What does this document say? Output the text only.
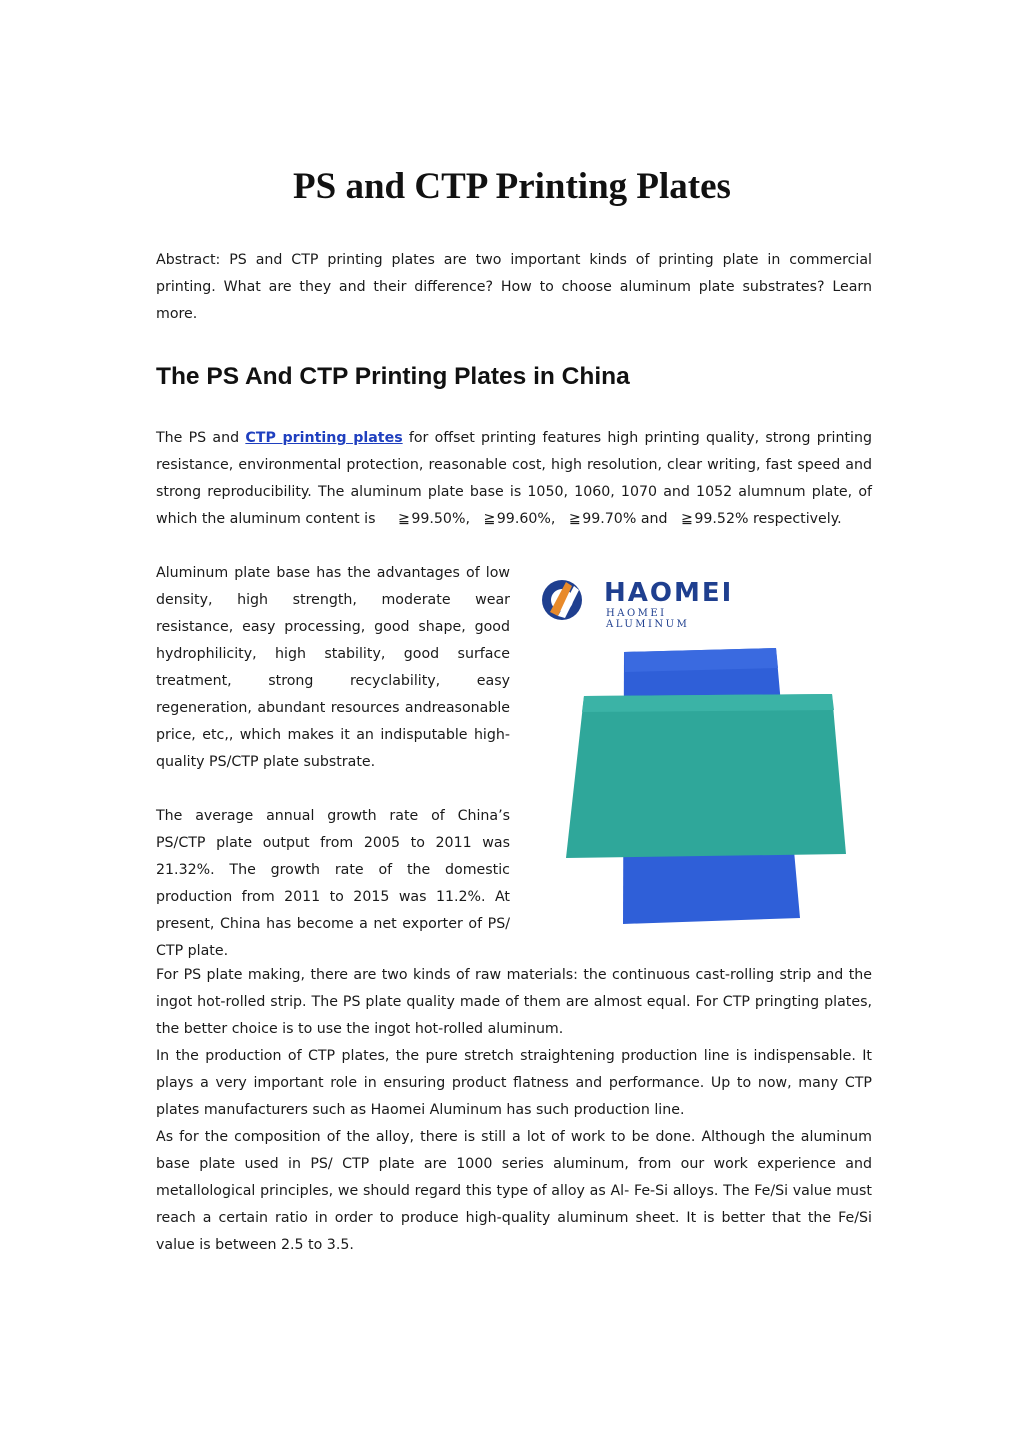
PS and CTP Printing Plates

Abstract: PS and CTP printing plates are two important kinds of printing plate in commercial printing. What are they and their difference? How to choose aluminum plate substrates? Learn more.

The PS And CTP Printing Plates in China

The PS and CTP printing plates for offset printing features high printing quality, strong printing resistance, environmental protection, reasonable cost, high resolution, clear writing, fast speed and strong reproducibility. The aluminum plate base is 1050, 1060, 1070 and 1052 alumnum plate, of which the aluminum content is     ≧ 99.50%,   ≧ 99.60%,   ≧ 99.70% and   ≧ 99.52% respectively.

Aluminum plate base has the advantages of low density, high strength, moderate wear resistance, easy processing, good shape, good hydrophilicity, high stability, good surface treatment, strong recyclability, easy regeneration, abundant resources andreasonable price, etc,, which makes it an indisputable high-quality PS/CTP plate substrate.

The average annual growth rate of China’s PS/CTP plate output from 2005 to 2011 was 21.32%. The growth rate of the domestic production from 2011 to 2015 was 11.2%. At present, China has become a net exporter of PS/ CTP plate.

HAOMEI
HAOMEI ALUMINUM

For PS plate making, there are two kinds of raw materials: the continuous cast-rolling strip and the ingot hot-rolled strip. The PS plate quality made of them are almost equal. For CTP pringting plates, the better choice is to use the ingot hot-rolled aluminum.

In the production of CTP plates, the pure stretch straightening production line is indispensable. It plays a very important role in ensuring product flatness and performance. Up to now, many CTP plates manufacturers such as Haomei Aluminum has such production line.

As for the composition of the alloy, there is still a lot of work to be done. Although the aluminum base plate used in PS/ CTP plate are 1000 series aluminum, from our work experience and metallological principles, we should regard this type of alloy as Al- Fe-Si alloys. The Fe/Si value must reach a certain ratio in order to produce high-quality aluminum sheet. It is better that the Fe/Si value is between 2.5 to 3.5.
